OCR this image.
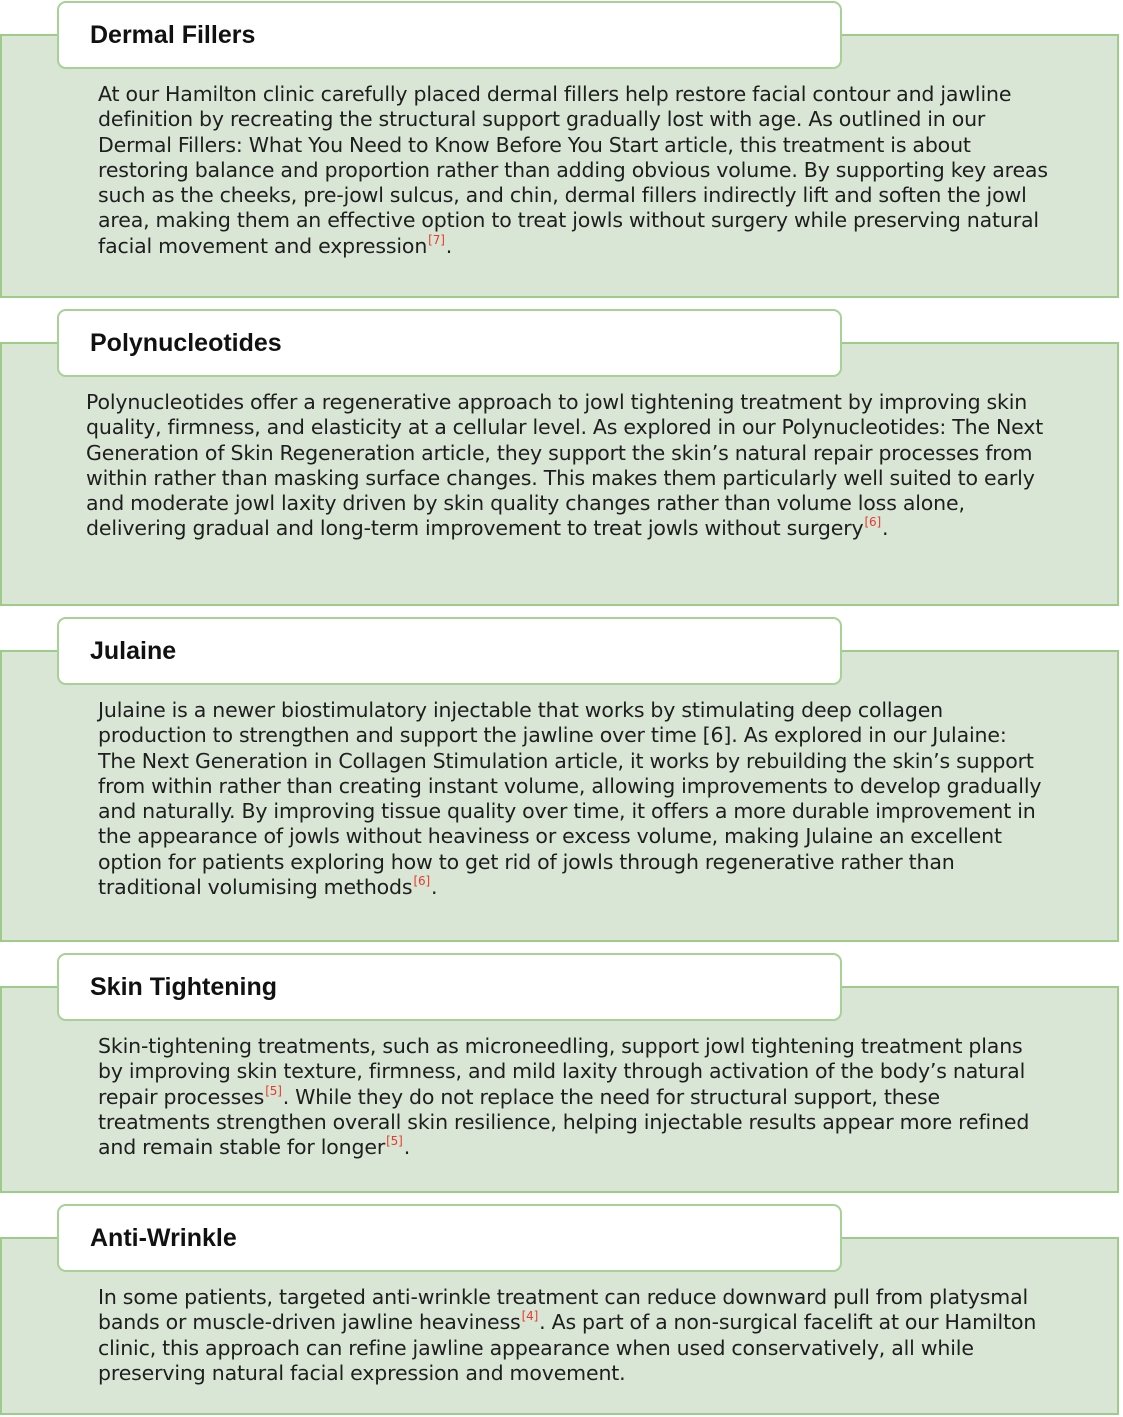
Dermal Fillers

At our Hamilton clinic carefully placed dermal fillers help restore facial contour and jawline definition by recreating the structural support gradually lost with age. As outlined in our Dermal Fillers: What You Need to Know Before You Start article, this treatment is about restoring balance and proportion rather than adding obvious volume. By supporting key areas such as the cheeks, pre-jowl sulcus, and chin, dermal fillers indirectly lift and soften the jowl area, making them an effective option to treat jowls without surgery while preserving natural facial movement and expression[7].

Polynucleotides

Polynucleotides offer a regenerative approach to jowl tightening treatment by improving skin quality, firmness, and elasticity at a cellular level. As explored in our Polynucleotides: The Next Generation of Skin Regeneration article, they support the skin’s natural repair processes from within rather than masking surface changes. This makes them particularly well suited to early and moderate jowl laxity driven by skin quality changes rather than volume loss alone, delivering gradual and long-term improvement to treat jowls without surgery[6].

Julaine

Julaine is a newer biostimulatory injectable that works by stimulating deep collagen production to strengthen and support the jawline over time [6]. As explored in our Julaine: The Next Generation in Collagen Stimulation article, it works by rebuilding the skin’s support from within rather than creating instant volume, allowing improvements to develop gradually and naturally. By improving tissue quality over time, it offers a more durable improvement in the appearance of jowls without heaviness or excess volume, making Julaine an excellent option for patients exploring how to get rid of jowls through regenerative rather than traditional volumising methods[6].

Skin Tightening

Skin-tightening treatments, such as microneedling, support jowl tightening treatment plans by improving skin texture, firmness, and mild laxity through activation of the body’s natural repair processes[5]. While they do not replace the need for structural support, these treatments strengthen overall skin resilience, helping injectable results appear more refined and remain stable for longer[5].

Anti-Wrinkle

In some patients, targeted anti-wrinkle treatment can reduce downward pull from platysmal bands or muscle-driven jawline heaviness[4]. As part of a non-surgical facelift at our Hamilton clinic, this approach can refine jawline appearance when used conservatively, all while preserving natural facial expression and movement.
